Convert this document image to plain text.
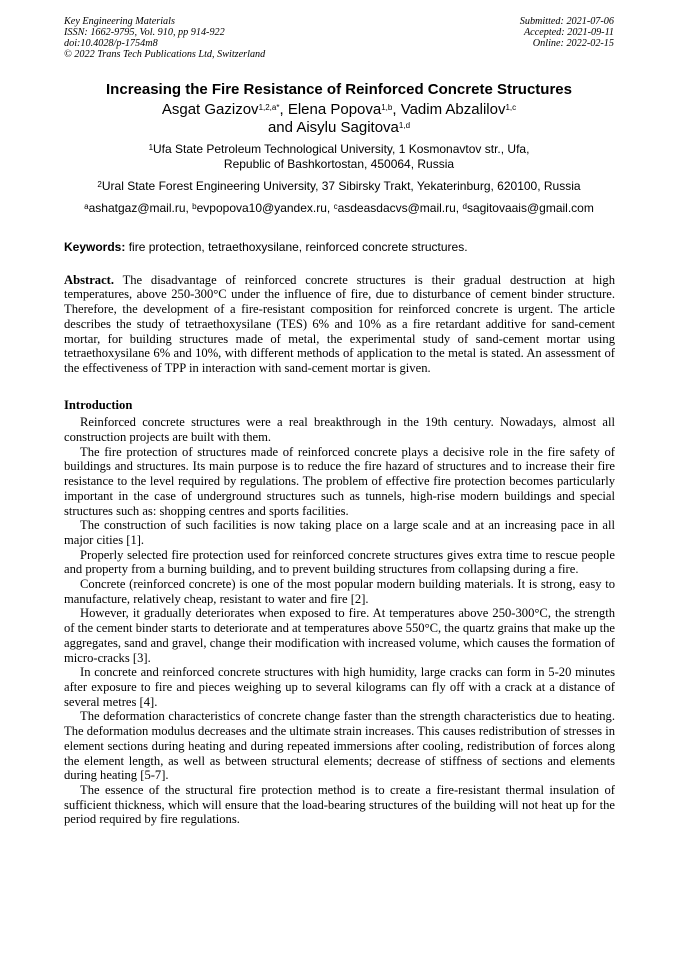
Key Engineering Materials
ISSN: 1662-9795, Vol. 910, pp 914-922
doi:10.4028/p-1754m8
© 2022 Trans Tech Publications Ltd, Switzerland
Submitted: 2021-07-06
Accepted: 2021-09-11
Online: 2022-02-15
Increasing the Fire Resistance of Reinforced Concrete Structures
Asgat Gazizov$^{1,2,a*}$, Elena Popova$^{1,b}$, Vadim Abzalilov$^{1,c}$
and Aisylu Sagitova$^{1,d}$
$^1$Ufa State Petroleum Technological University, 1 Kosmonavtov str., Ufa,
Republic of Bashkortostan, 450064, Russia
$^2$Ural State Forest Engineering University, 37 Sibirsky Trakt, Yekaterinburg, 620100, Russia
$^a$ashatgaz@mail.ru, $^b$evpopova10@yandex.ru, $^c$asdeasdacvs@mail.ru, $^d$sagitovaais@gmail.com
Keywords: fire protection, tetraethoxysilane, reinforced concrete structures.

Abstract. The disadvantage of reinforced concrete structures is their gradual destruction at high temperatures, above 250-300°C under the influence of fire, due to disturbance of cement binder structure. Therefore, the development of a fire-resistant composition for reinforced concrete is urgent. The article describes the study of tetraethoxysilane (TES) 6% and 10% as a fire retardant additive for sand-cement mortar, for building structures made of metal, the experimental study of sand-cement mortar using tetraethoxysilane 6% and 10%, with different methods of application to the metal is stated. An assessment of the effectiveness of TPP in interaction with sand-cement mortar is given.

Introduction

Reinforced concrete structures were a real breakthrough in the 19th century. Nowadays, almost all construction projects are built with them.

The fire protection of structures made of reinforced concrete plays a decisive role in the fire safety of buildings and structures. Its main purpose is to reduce the fire hazard of structures and to increase their fire resistance to the level required by regulations. The problem of effective fire protection becomes particularly important in the case of underground structures such as tunnels, high-rise modern buildings and special structures such as: shopping centres and sports facilities.

The construction of such facilities is now taking place on a large scale and at an increasing pace in all major cities [1].

Properly selected fire protection used for reinforced concrete structures gives extra time to rescue people and property from a burning building, and to prevent building structures from collapsing during a fire.

Concrete (reinforced concrete) is one of the most popular modern building materials. It is strong, easy to manufacture, relatively cheap, resistant to water and fire [2].

However, it gradually deteriorates when exposed to fire. At temperatures above 250-300°C, the strength of the cement binder starts to deteriorate and at temperatures above 550°C, the quartz grains that make up the aggregates, sand and gravel, change their modification with increased volume, which causes the formation of micro-cracks [3].

In concrete and reinforced concrete structures with high humidity, large cracks can form in 5-20 minutes after exposure to fire and pieces weighing up to several kilograms can fly off with a crack at a distance of several metres [4].

The deformation characteristics of concrete change faster than the strength characteristics due to heating. The deformation modulus decreases and the ultimate strain increases. This causes redistribution of stresses in element sections during heating and during repeated immersions after cooling, redistribution of forces along the element length, as well as between structural elements; decrease of stiffness of sections and elements during heating [5-7].

The essence of the structural fire protection method is to create a fire-resistant thermal insulation of sufficient thickness, which will ensure that the load-bearing structures of the building will not heat up for the period required by fire regulations.
